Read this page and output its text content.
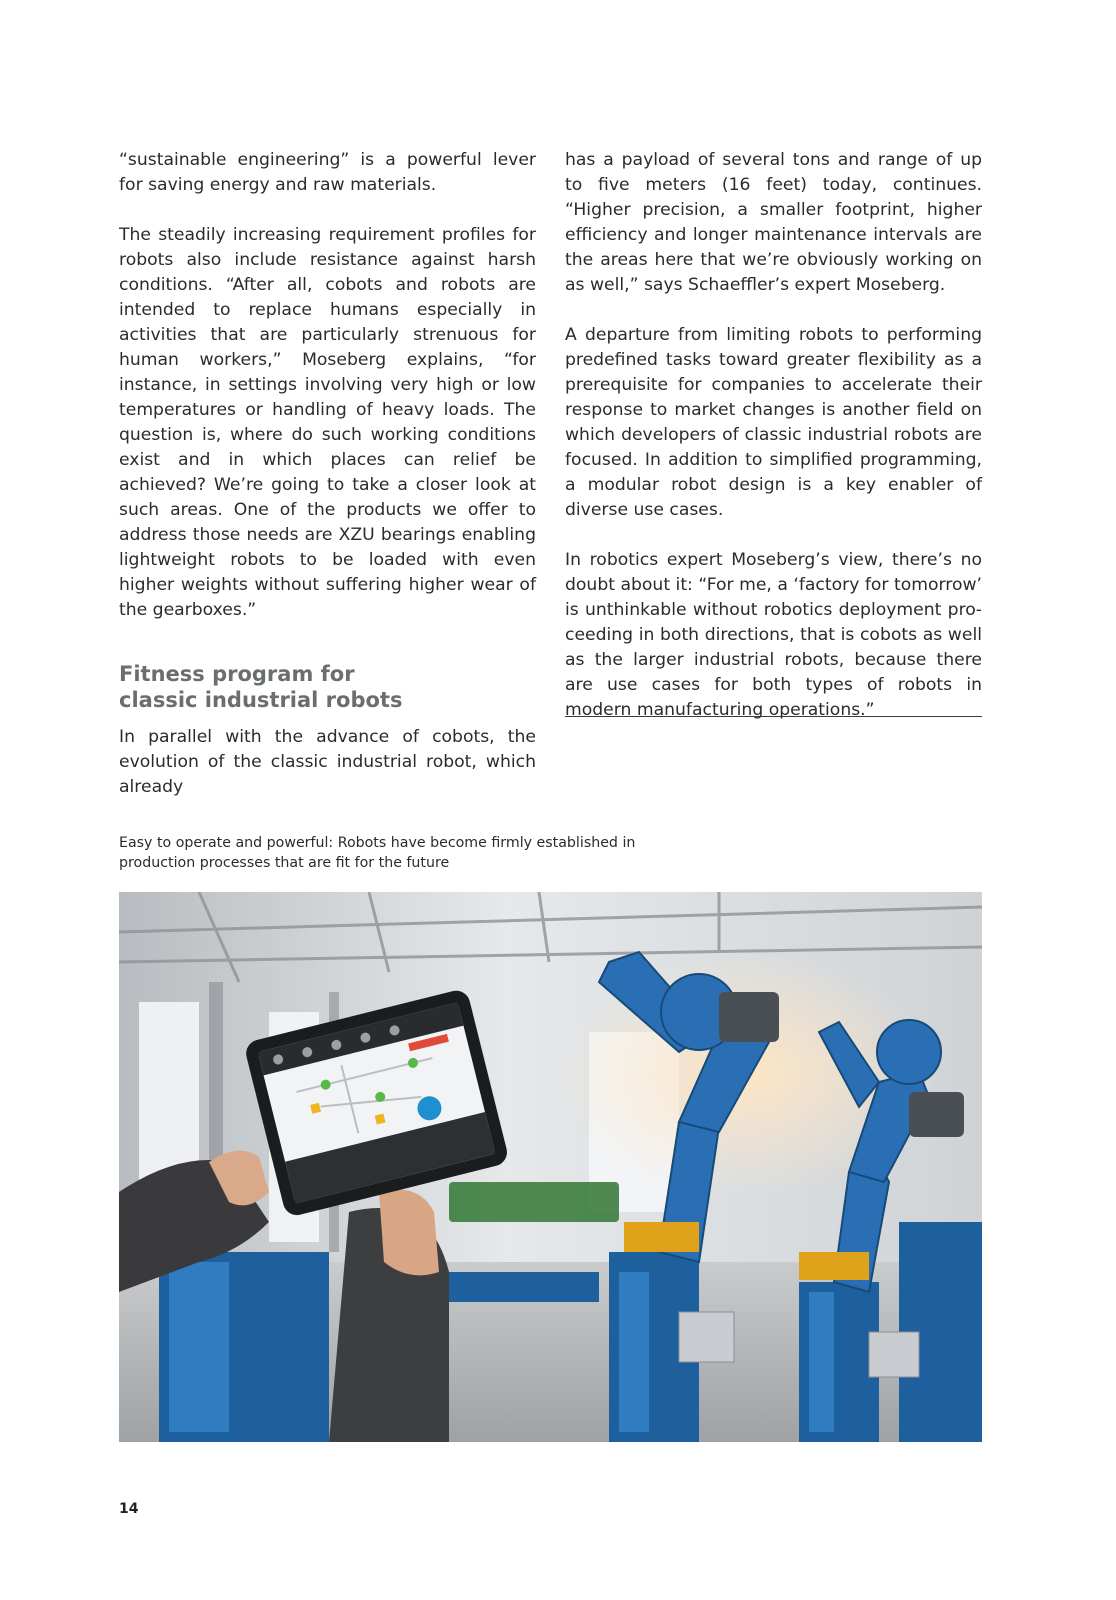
“sustainable engineering” is a powerful lever for saving energy and raw materials.

The steadily increasing requirement profiles for robots also include resistance against harsh conditions. “After all, cobots and robots are intended to replace humans especially in activities that are particularly strenuous for human workers,” Moseberg explains, “for instance, in settings involving very high or low temperatures or handling of heavy loads. The question is, where do such working conditions exist and in which places can relief be achieved? We’re going to take a closer look at such areas. One of the products we offer to address those needs are XZU bearings enabling lightweight robots to be loaded with even higher weights without suffering higher wear of the gearboxes.”

Fitness program for classic industrial robots

In parallel with the advance of cobots, the evolution of the classic industrial robot, which already

has a payload of several tons and range of up to five meters (16 feet) today, continues. “Higher precision, a smaller footprint, higher efficiency and longer maintenance intervals are the areas here that we’re obviously working on as well,” says Schaeffler’s expert Moseberg.

A departure from limiting robots to performing predefined tasks toward greater flexibility as a prerequisite for companies to accelerate their response to market changes is another field on which developers of classic industrial robots are focused. In addition to simplified programming, a modular robot design is a key enabler of diverse use cases.

In robotics expert Moseberg’s view, there’s no doubt about it: “For me, a ‘factory for tomorrow’ is unthinkable without robotics deployment proceeding in both directions, that is cobots as well as the larger industrial robots, because there are use cases for both types of robots in modern manufacturing operations.”

Easy to operate and powerful: Robots have become firmly established in production processes that are fit for the future
14
